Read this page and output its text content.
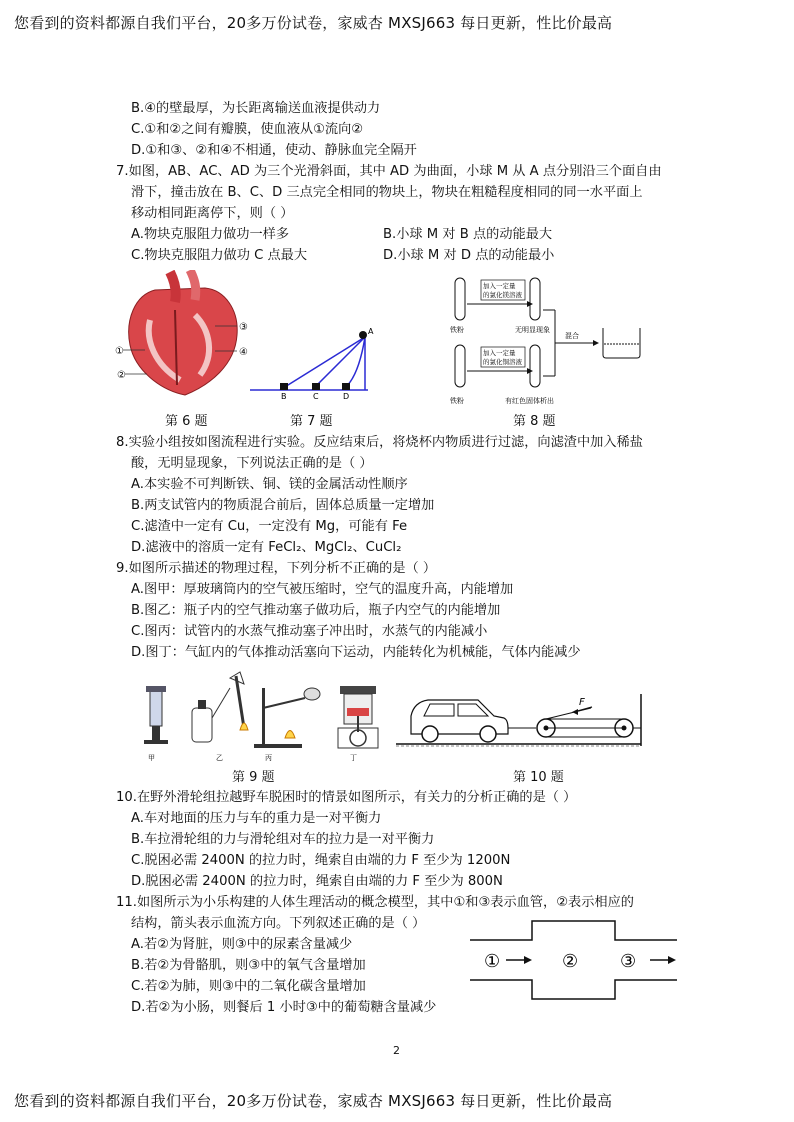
您看到的资料都源自我们平台，20多万份试卷，家威杏 MXSJ663 每日更新，性比价最高
B.④的壁最厚，为长距离输送血液提供动力
C.①和②之间有瓣膜，使血液从①流向②
D.①和③、②和④不相通，使动、静脉血完全隔开
7.如图，AB、AC、AD 为三个光滑斜面，其中 AD 为曲面，小球 M 从 A 点分别沿三个面自由
滑下，撞击放在 B、C、D 三点完全相同的物块上，物块在粗糙程度相同的同一水平面上
移动相同距离停下，则（ ）
A.物块克服阻力做功一样多	B.小球 M 对 B 点的动能最大
C.物块克服阻力做功 C 点最大	D.小球 M 对 D 点的动能最小
③
①	④
②
A
B	C	D
加入一定量
的氯化镁溶液
加入一定量
的氯化铜溶液
无明显现象
有红色固体析出
铁粉
铁粉
混合
第 6 题	第 7 题	第 8 题
8.实验小组按如图流程进行实验。反应结束后，将烧杯内物质进行过滤，向滤渣中加入稀盐
酸，无明显现象，下列说法正确的是（ ）
A.本实验不可判断铁、铜、镁的金属活动性顺序
B.两支试管内的物质混合前后，固体总质量一定增加
C.滤渣中一定有 Cu，一定没有 Mg，可能有 Fe
D.滤液中的溶质一定有 FeCl₂、MgCl₂、CuCl₂
9.如图所示描述的物理过程，下列分析不正确的是（ ）
A.图甲：厚玻璃筒内的空气被压缩时，空气的温度升高，内能增加
B.图乙：瓶子内的空气推动塞子做功后，瓶子内空气的内能增加
C.图丙：试管内的水蒸气推动塞子冲出时，水蒸气的内能减小
D.图丁：气缸内的气体推动活塞向下运动，内能转化为机械能，气体内能减少
甲	乙	丙	丁
F
第 9 题	第 10 题
10.在野外滑轮组拉越野车脱困时的情景如图所示，有关力的分析正确的是（ ）
A.车对地面的压力与车的重力是一对平衡力
B.车拉滑轮组的力与滑轮组对车的拉力是一对平衡力
C.脱困必需 2400N 的拉力时，绳索自由端的力 F 至少为 1200N
D.脱困必需 2400N 的拉力时，绳索自由端的力 F 至少为 800N
11.如图所示为小乐构建的人体生理活动的概念模型，其中①和③表示血管，②表示相应的
结构，箭头表示血流方向。下列叙述正确的是（ ）
A.若②为肾脏，则③中的尿素含量减少
B.若②为骨骼肌，则③中的氧气含量增加
C.若②为肺，则③中的二氧化碳含量增加
D.若②为小肠，则餐后 1 小时③中的葡萄糖含量减少
①	② ③
2
您看到的资料都源自我们平台，20多万份试卷，家威杏 MXSJ663 每日更新，性比价最高
